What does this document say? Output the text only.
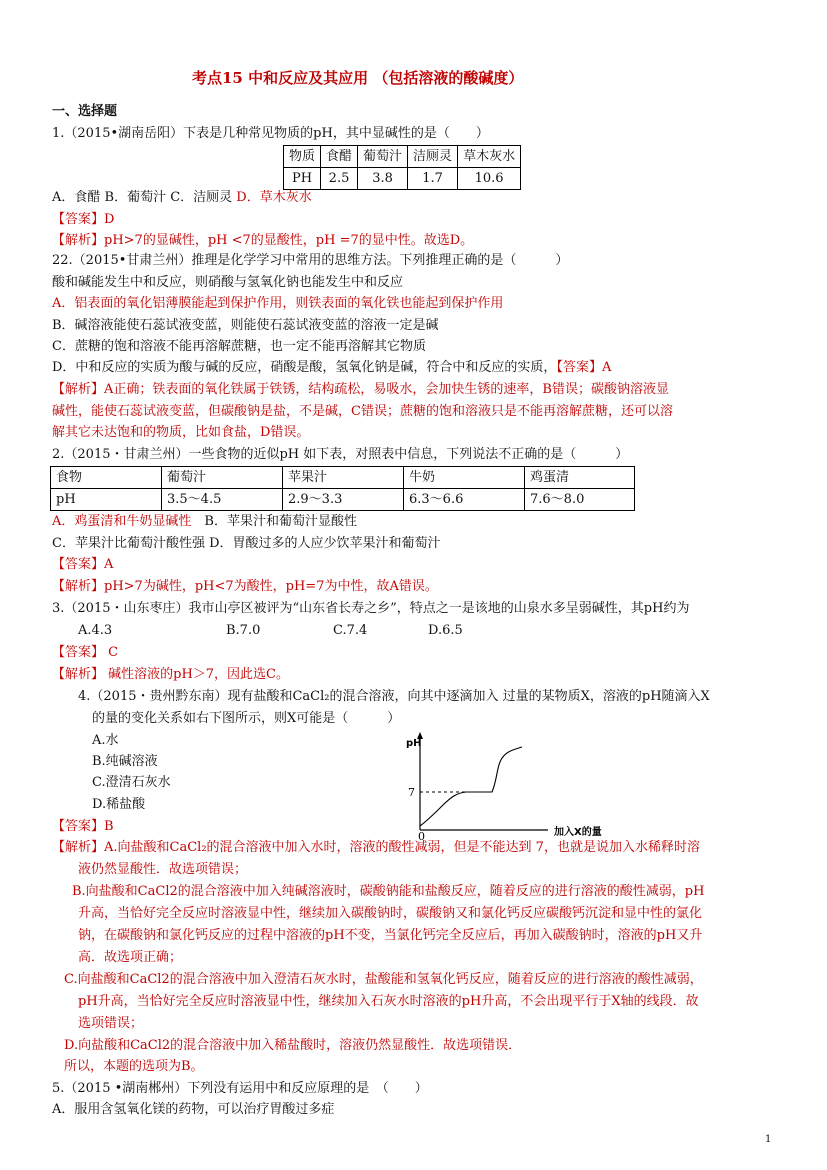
考点15 中和反应及其应用 （包括溶液的酸碱度）
一、选择题
1.（2015•湖南岳阳）下表是几种常见物质的pH，其中显碱性的是（　　）
物质	食醋	葡萄汁	洁厕灵	草木灰水
PH	2.5	3.8	1.7	10.6
A．食醋 B．葡萄汁 C．洁厕灵 D．草木灰水
【答案】D
【解析】pH>7的显碱性，pH <7的显酸性，pH =7的显中性。故选D。
22.（2015•甘肃兰州）推理是化学学习中常用的思维方法。下列推理正确的是（　　　）
酸和碱能发生中和反应，则硝酸与氢氧化钠也能发生中和反应
A．铝表面的氧化铝薄膜能起到保护作用，则铁表面的氧化铁也能起到保护作用
B．碱溶液能使石蕊试液变蓝，则能使石蕊试液变蓝的溶液一定是碱
C．蔗糖的饱和溶液不能再溶解蔗糖，也一定不能再溶解其它物质
D．中和反应的实质为酸与碱的反应，硝酸是酸，氢氧化钠是碱，符合中和反应的实质，【答案】A
【解析】A正确；铁表面的氧化铁属于铁锈，结构疏松，易吸水，会加快生锈的速率，B错误；碳酸钠溶液显
碱性，能使石蕊试液变蓝，但碳酸钠是盐，不是碱，C错误；蔗糖的饱和溶液只是不能再溶解蔗糖，还可以溶
解其它未达饱和的物质，比如食盐，D错误。
2.（2015・甘肃兰州）一些食物的近似pH 如下表，对照表中信息，下列说法不正确的是（　　　）
食物	葡萄汁	苹果汁	牛奶	鸡蛋清
pH	3.5～4.5	2.9～3.3	6.3～6.6	7.6～8.0
A．鸡蛋清和牛奶显碱性　B．苹果汁和葡萄汁显酸性
C．苹果汁比葡萄汁酸性强 D．胃酸过多的人应少饮苹果汁和葡萄汁
【答案】A
【解析】pH>7为碱性，pH<7为酸性，pH=7为中性，故A错误。
3.（2015・山东枣庄）我市山亭区被评为“山东省长寿之乡”，特点之一是该地的山泉水多呈弱碱性，其pH约为
A.4.3	B.7.0	C.7.4	D.6.5
【答案】 C
【解析】 碱性溶液的pH＞7，因此选C。
4.（2015・贵州黔东南）现有盐酸和CaCl₂的混合溶液，向其中逐滴加入 过量的某物质X，溶液的pH随滴入X
的量的变化关系如右下图所示，则X可能是（　　　）
A.水
B.纯碱溶液
C.澄清石灰水
D.稀盐酸
· ·
pH
7
0	加入X的量
【答案】B
【解析】A.向盐酸和CaCl₂的混合溶液中加入水时，溶液的酸性减弱，但是不能达到 7，也就是说加入水稀释时溶
液仍然显酸性．故选项错误；
B.向盐酸和CaCl2的混合溶液中加入纯碱溶液时，碳酸钠能和盐酸反应，随着反应的进行溶液的酸性减弱，pH
升高，当恰好完全反应时溶液显中性，继续加入碳酸钠时，碳酸钠又和氯化钙反应碳酸钙沉淀和显中性的氯化
钠，在碳酸钠和氯化钙反应的过程中溶液的pH不变，当氯化钙完全反应后，再加入碳酸钠时，溶液的pH又升
高．故选项正确；
C.向盐酸和CaCl2的混合溶液中加入澄清石灰水时，盐酸能和氢氧化钙反应，随着反应的进行溶液的酸性减弱，
pH升高，当恰好完全反应时溶液显中性，继续加入石灰水时溶液的pH升高，不会出现平行于X轴的线段．故
选项错误；
D.向盐酸和CaCl2的混合溶液中加入稀盐酸时，溶液仍然显酸性．故选项错误．
所以，本题的选项为B。
5.（2015 •湖南郴州）下列没有运用中和反应原理的是　（　　）
A．服用含氢氧化镁的药物，可以治疗胃酸过多症
1
